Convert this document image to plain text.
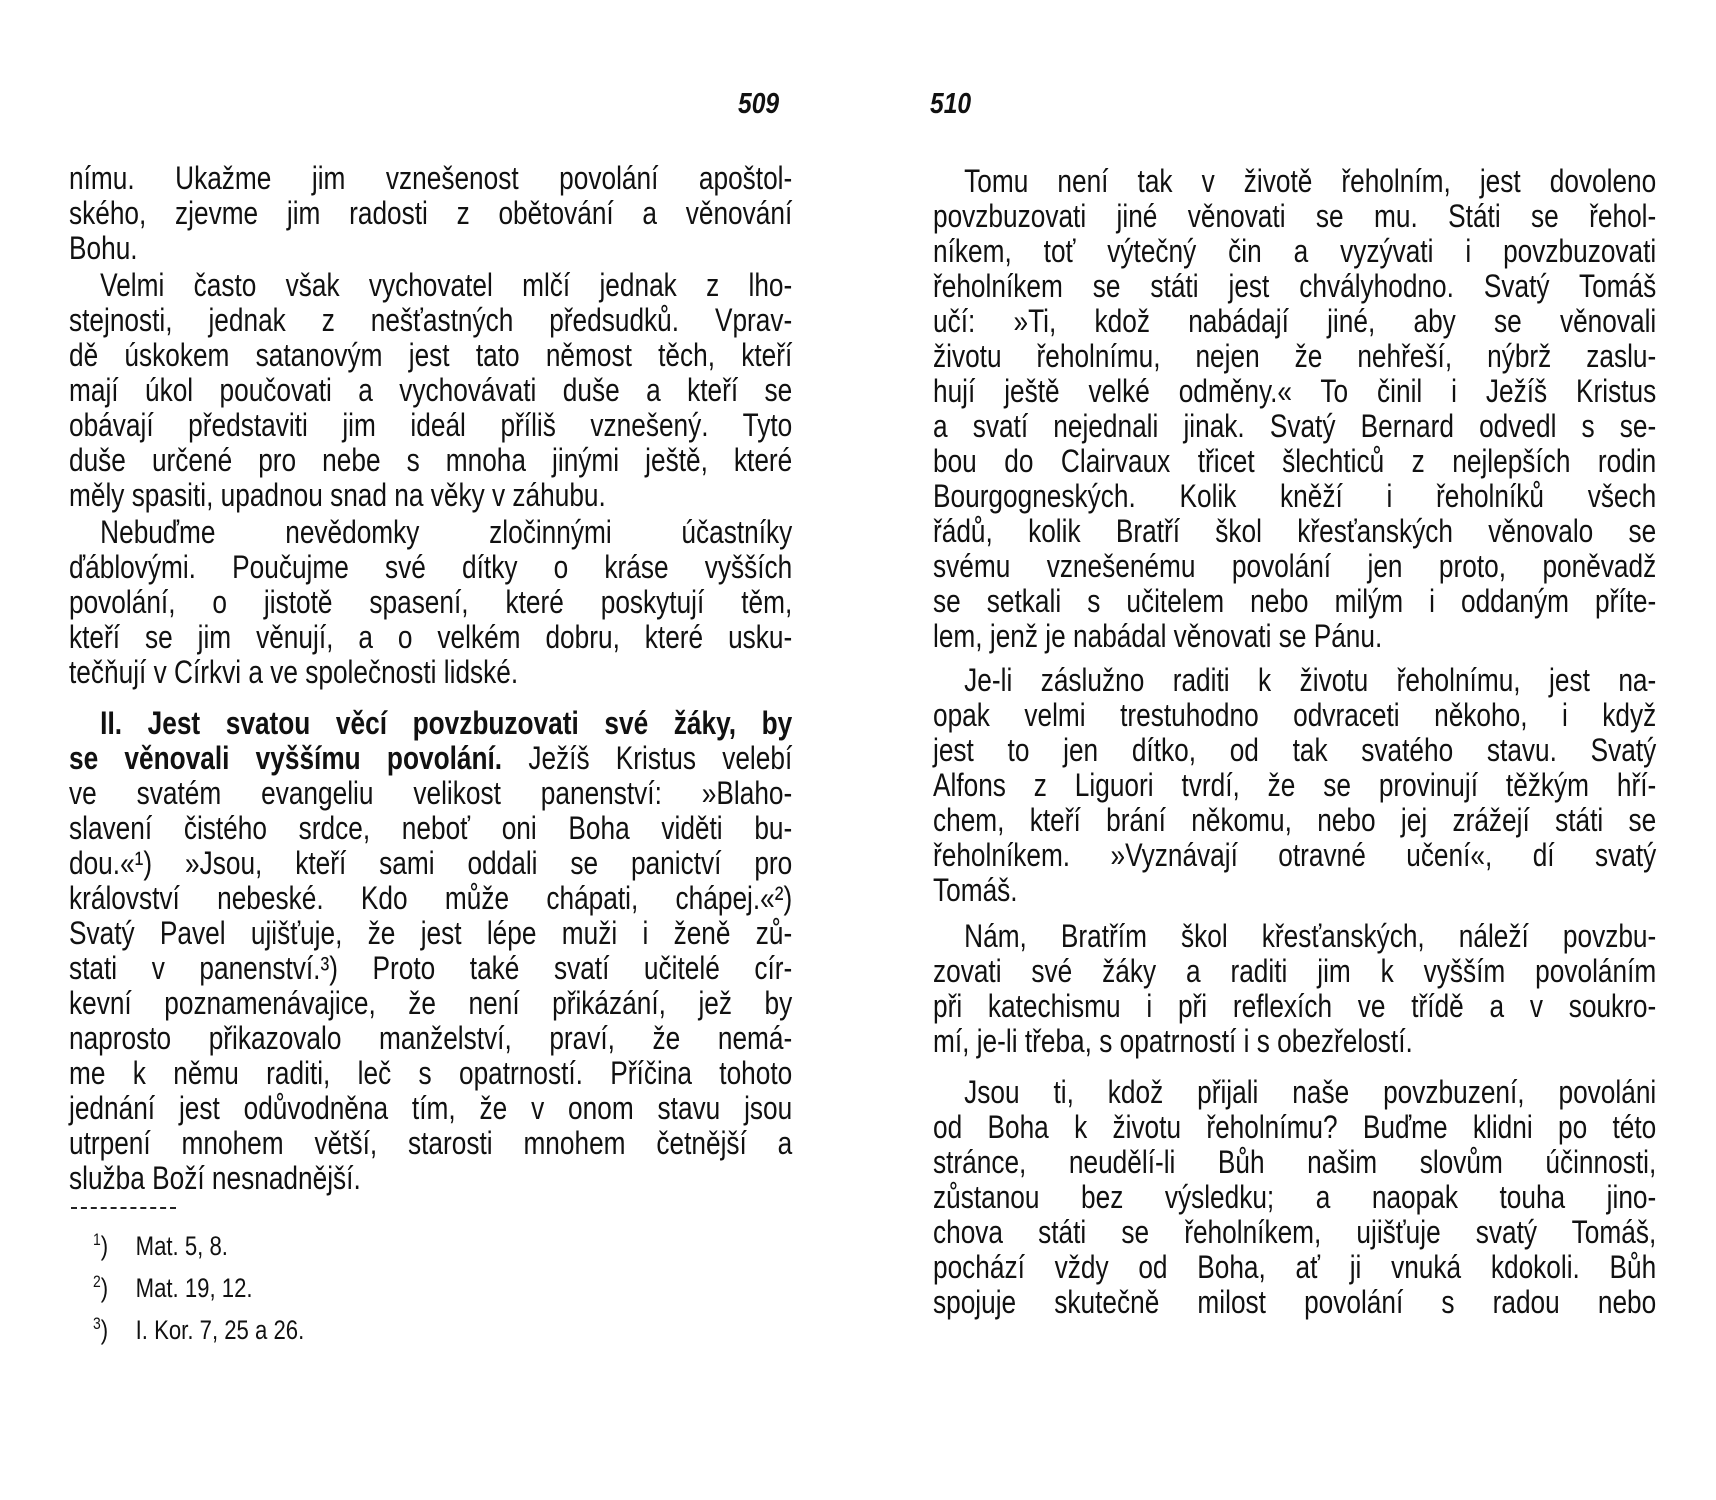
509	510
nímu. Ukažme jim vznešenost povolání apoštol-
ského, zjevme jim radosti z obětování a věnování
Bohu.
Velmi často však vychovatel mlčí jednak z lho-
stejnosti, jednak z nešťastných předsudků. Vprav-
dě úskokem satanovým jest tato němost těch, kteří
mají úkol poučovati a vychovávati duše a kteří se
obávají představiti jim ideál příliš vznešený. Tyto
duše určené pro nebe s mnoha jinými ještě, které
měly spasiti, upadnou snad na věky v záhubu.
Nebuďme nevědomky zločinnými účastníky
ďáblovými. Poučujme své dítky o kráse vyšších
povolání, o jistotě spasení, které poskytují těm,
kteří se jim věnují, a o velkém dobru, které usku-
tečňují v Církvi a ve společnosti lidské.
II. Jest svatou věcí povzbuzovati své žáky, by
se věnovali vyššímu povolání. Ježíš Kristus velebí
ve svatém evangeliu velikost panenství: »Blaho-
slavení čistého srdce, neboť oni Boha viděti bu-
dou.«¹) »Jsou, kteří sami oddali se panictví pro
království nebeské. Kdo může chápati, chápej.«²)
Svatý Pavel ujišťuje, že jest lépe muži i ženě zů-
stati v panenství.³) Proto také svatí učitelé cír-
kevní poznamenávajice, že není přikázání, jež by
naprosto přikazovalo manželství, praví, že nemá-
me k němu raditi, leč s opatrností. Příčina tohoto
jednání jest odůvodněna tím, že v onom stavu jsou
utrpení mnohem větší, starosti mnohem četnější a
služba Boží nesnadnější.
Tomu není tak v životě řeholním, jest dovoleno
povzbuzovati jiné věnovati se mu. Státi se řehol-
níkem, toť výtečný čin a vyzývati i povzbuzovati
řeholníkem se státi jest chvályhodno. Svatý Tomáš
učí: »Ti, kdož nabádají jiné, aby se věnovali
životu řeholnímu, nejen že nehřeší, nýbrž zaslu-
hují ještě velké odměny.« To činil i Ježíš Kristus
a svatí nejednali jinak. Svatý Bernard odvedl s se-
bou do Clairvaux třicet šlechticů z nejlepších rodin
Bourgogneských. Kolik kněží i řeholníků všech
řádů, kolik Bratří škol křesťanských věnovalo se
svému vznešenému povolání jen proto, poněvadž
se setkali s učitelem nebo milým i oddaným příte-
lem, jenž je nabádal věnovati se Pánu.
Je-li záslužno raditi k životu řeholnímu, jest na-
opak velmi trestuhodno odvraceti někoho, i když
jest to jen dítko, od tak svatého stavu. Svatý
Alfons z Liguori tvrdí, že se provinují těžkým hří-
chem, kteří brání někomu, nebo jej zrážejí státi se
řeholníkem. »Vyznávají otravné učení«, dí svatý
Tomáš.
Nám, Bratřím škol křesťanských, náleží povzbu-
zovati své žáky a raditi jim k vyšším povoláním
při katechismu i při reflexích ve třídě a v soukro-
mí, je-li třeba, s opatrností i s obezřelostí.
Jsou ti, kdož přijali naše povzbuzení, povoláni
od Boha k životu řeholnímu? Buďme klidni po této
stránce, neudělí-li Bůh našim slovům účinnosti,
zůstanou bez výsledku; a naopak touha jino-
chova státi se řeholníkem, ujišťuje svatý Tomáš,
pochází vždy od Boha, ať ji vnuká kdokoli. Bůh
spojuje skutečně milost povolání s radou nebo
$^1$) Mat. 5, 8.
$^2$) Mat. 19, 12.
$^3$) I. Kor. 7, 25 a 26.
